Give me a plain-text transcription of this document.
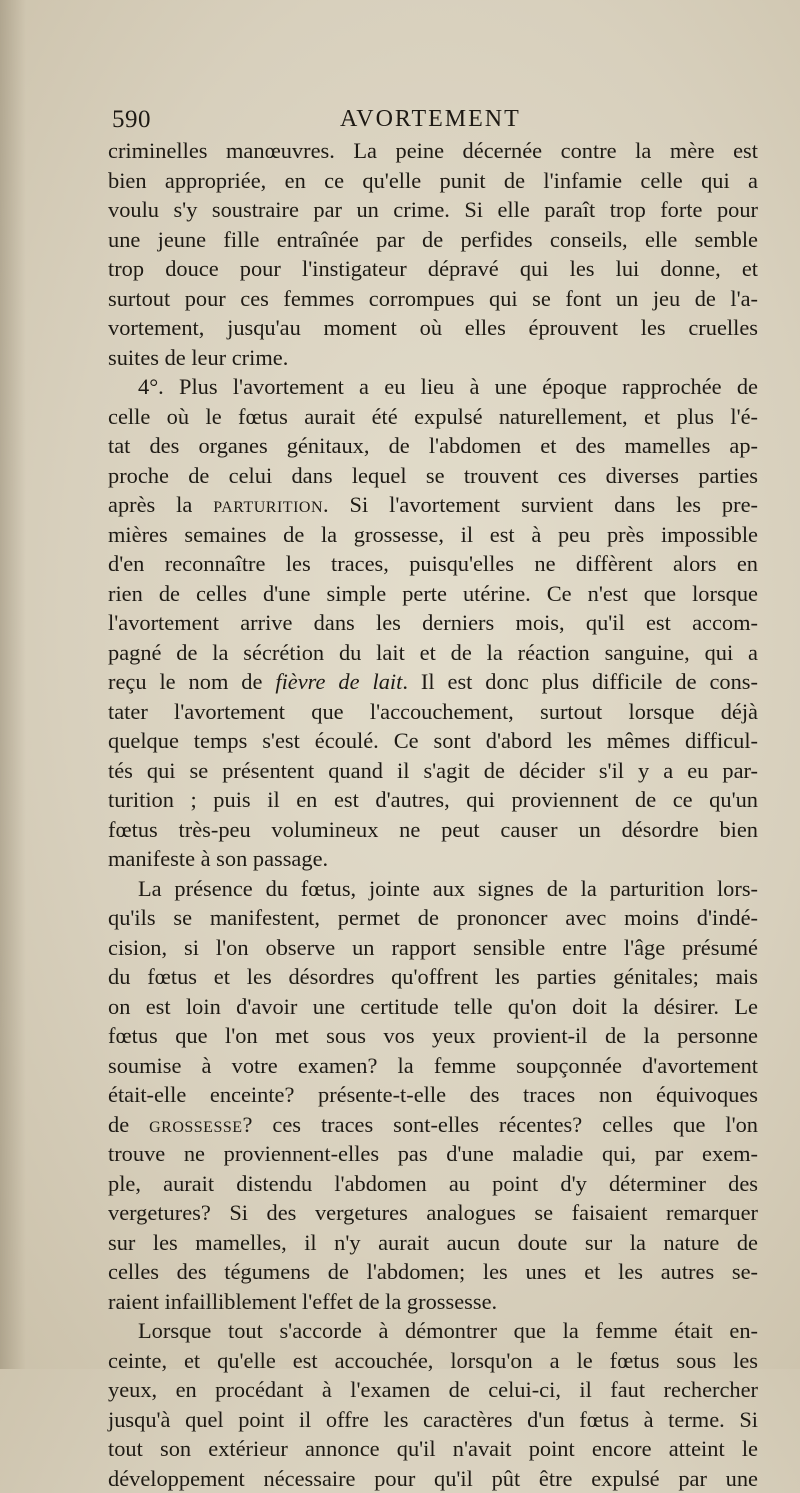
590	AVORTEMENT
criminelles manœuvres. La peine décernée contre la mère est
bien appropriée, en ce qu'elle punit de l'infamie celle qui a
voulu s'y soustraire par un crime. Si elle paraît trop forte pour
une jeune fille entraînée par de perfides conseils, elle semble
trop douce pour l'instigateur dépravé qui les lui donne, et
surtout pour ces femmes corrompues qui se font un jeu de l'a-
vortement, jusqu'au moment où elles éprouvent les cruelles
suites de leur crime.
4°. Plus l'avortement a eu lieu à une époque rapprochée de
celle où le fœtus aurait été expulsé naturellement, et plus l'é-
tat des organes génitaux, de l'abdomen et des mamelles ap-
proche de celui dans lequel se trouvent ces diverses parties
après la parturition. Si l'avortement survient dans les pre-
mières semaines de la grossesse, il est à peu près impossible
d'en reconnaître les traces, puisqu'elles ne diffèrent alors en
rien de celles d'une simple perte utérine. Ce n'est que lorsque
l'avortement arrive dans les derniers mois, qu'il est accom-
pagné de la sécrétion du lait et de la réaction sanguine, qui a
reçu le nom de fièvre de lait. Il est donc plus difficile de cons-
tater l'avortement que l'accouchement, surtout lorsque déjà
quelque temps s'est écoulé. Ce sont d'abord les mêmes difficul-
tés qui se présentent quand il s'agit de décider s'il y a eu par-
turition ; puis il en est d'autres, qui proviennent de ce qu'un
fœtus très-peu volumineux ne peut causer un désordre bien
manifeste à son passage.
La présence du fœtus, jointe aux signes de la parturition lors-
qu'ils se manifestent, permet de prononcer avec moins d'indé-
cision, si l'on observe un rapport sensible entre l'âge présumé
du fœtus et les désordres qu'offrent les parties génitales; mais
on est loin d'avoir une certitude telle qu'on doit la désirer. Le
fœtus que l'on met sous vos yeux provient-il de la personne
soumise à votre examen? la femme soupçonnée d'avortement
était-elle enceinte? présente-t-elle des traces non équivoques
de grossesse? ces traces sont-elles récentes? celles que l'on
trouve ne proviennent-elles pas d'une maladie qui, par exem-
ple, aurait distendu l'abdomen au point d'y déterminer des
vergetures? Si des vergetures analogues se faisaient remarquer
sur les mamelles, il n'y aurait aucun doute sur la nature de
celles des tégumens de l'abdomen; les unes et les autres se-
raient infailliblement l'effet de la grossesse.
Lorsque tout s'accorde à démontrer que la femme était en-
ceinte, et qu'elle est accouchée, lorsqu'on a le fœtus sous les
yeux, en procédant à l'examen de celui-ci, il faut rechercher
jusqu'à quel point il offre les caractères d'un fœtus à terme. Si
tout son extérieur annonce qu'il n'avait point encore atteint le
développement nécessaire pour qu'il pût être expulsé par une
